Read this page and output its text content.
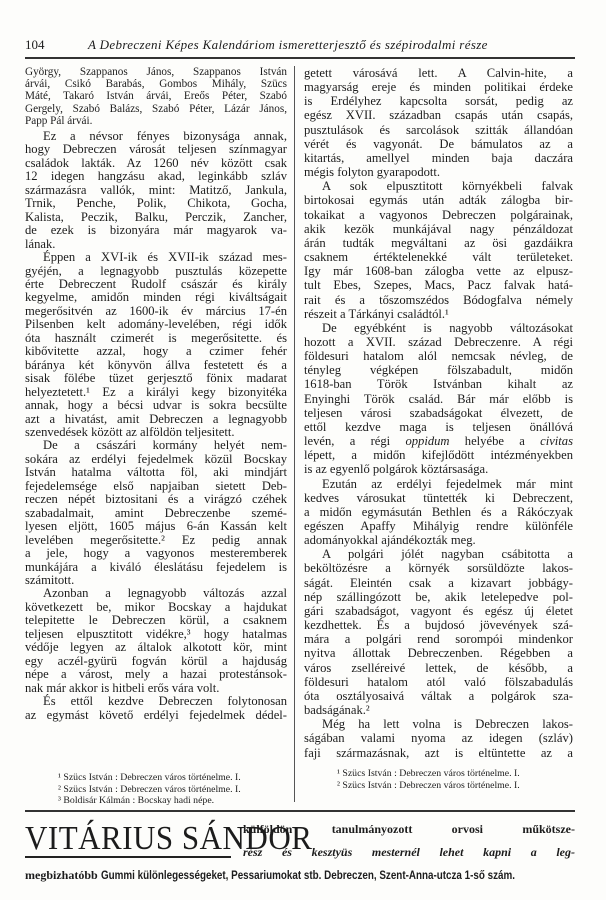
104	A Debreczeni Képes Kalendáriom ismeretterjesztő és szépirodalmi része
György, Szappanos János, Szappanos István
árvái, Csikó Barabás, Gombos Mihály, Szücs
Máté, Takaró István árvái, Ereős Péter, Szabó
Gergely, Szabó Balázs, Szabó Péter, Lázár János,
Papp Pál árvái.
Ez a névsor fényes bizonysága annak,
hogy Debreczen városát teljesen színmagyar
családok lakták. Az 1260 név között csak
12 idegen hangzásu akad, leginkább szláv
származásra vallók, mint: Matitző, Jankula,
Trnik, Penche, Polik, Chikota, Gocha,
Kalista, Peczik, Balku, Perczik, Zancher,
de ezek is bizonyára már magyarok va-
lának.
Éppen a XVI-ik és XVII-ik század mes-
gyéjén, a legnagyobb pusztulás közepette
érte Debreczent Rudolf császár és király
kegyelme, amidőn minden régi kiváltságait
megerősitvén az 1600-ik év március 17-én
Pilsenben kelt adomány-levelében, régi idők
óta használt czimerét is megerősitette. és
kibővitette azzal, hogy a czimer fehér
báránya két könyvön állva festetett és a
sisak fölébe tüzet gerjesztő fönix madarat
helyeztetett.¹ Ez a királyi kegy bizonyitéka
annak, hogy a bécsi udvar is sokra becsülte
azt a hivatást, amit Debreczen a legnagyobb
szenvedések között az alföldön teljesitett.
De a császári kormány helyét nem-
sokára az erdélyi fejedelmek közül Bocskay
István hatalma váltotta föl, aki mindjárt
fejedelemsége első napjaiban sietett Deb-
reczen népét biztositani és a virágzó czéhek
szabadalmait, amint Debreczenbe szemé-
lyesen eljött, 1605 május 6-án Kassán kelt
levelében megerősitette.² Ez pedig annak
a jele, hogy a vagyonos mesteremberek
munkájára a kiváló éleslátásu fejedelem is
számitott.
Azonban a legnagyobb változás azzal
következett be, mikor Bocskay a hajdukat
telepitette le Debreczen körül, a csaknem
teljesen elpusztitott vidékre,³ hogy hatalmas
védője legyen az általok alkotott kör, mint
egy aczél-gyürü fogván körül a hajduság
népe a várost, mely a hazai protestánsok-
nak már akkor is hitbeli erős vára volt.
És ettől kezdve Debreczen folytonosan
az egymást követő erdélyi fejedelmek dédel-
getett városává lett. A Calvin-hite, a
magyarság ereje és minden politikai érdeke
is Erdélyhez kapcsolta sorsát, pedig az
egész XVII. században csapás után csapás,
pusztulások és sarcolások szitták állandóan
vérét és vagyonát. De bámulatos az a
kitartás, amellyel minden baja daczára
mégis folyton gyarapodott.
A sok elpusztitott környékbeli falvak
birtokosai egymás után adták zálogba bir-
tokaikat a vagyonos Debreczen polgárainak,
akik kezök munkájával nagy pénzáldozat
árán tudták megváltani az ösi gazdáikra
csaknem értéktelenekké vált területeket.
Igy már 1608-ban zálogba vette az elpusz-
tult Ebes, Szepes, Macs, Pacz falvak hatá-
rait és a tőszomszédos Bódogfalva némely
részeit a Tárkányi családtól.¹
De egyébként is nagyobb változásokat
hozott a XVII. század Debreczenre. A régi
földesuri hatalom alól nemcsak névleg, de
tényleg végképen fölszabadult, midőn
1618-ban Török Istvánban kihalt az
Enyinghi Török család. Bár már előbb is
teljesen városi szabadságokat élvezett, de
ettől kezdve maga is teljesen önállóvá
levén, a régi oppidum helyébe a civitas
lépett, a midőn kifejlődött intézményekben
is az egyenlő polgárok köztársasága.
Ezután az erdélyi fejedelmek már mint
kedves városukat tüntették ki Debreczent,
a midőn egymásután Bethlen és a Rákóczyak
egészen Apaffy Mihályig rendre különféle
adományokkal ajándékozták meg.
A polgári jólét nagyban csábitotta a
beköltözésre a környék sorsüldözte lakos-
ságát. Eleintén csak a kizavart jobbágy-
nép szállingózott be, akik letelepedve pol-
gári szabadságot, vagyont és egész új életet
kezdhettek. És a bujdosó jövevények szá-
mára a polgári rend sorompói mindenkor
nyitva állottak Debreczenben. Régebben a
város zselléreivé lettek, de később, a
földesuri hatalom atól való fölszabadulás
óta osztályosaivá váltak a polgárok sza-
badságának.²
Még ha lett volna is Debreczen lakos-
ságában valami nyoma az idegen (szláv)
faji származásnak, azt is eltüntette az a
¹ Szücs István : Debreczen város történelme. I.
² Szücs István : Debreczen város történelme. I.
³ Boldisár Kálmán : Bocskay hadi népe.
¹ Szücs István : Debreczen város történelme. I.
² Szücs István : Debreczen város történelme. I.
VITÁRIUS SÁNDOR
külföldön tanulmányozott orvosi műkötsze-
rész és kesztyüs mesternél lehet kapni a leg-
megbizhatóbb Gummi különlegességeket, Pessariumokat stb. Debreczen, Szent-Anna-utcza 1-ső szám.
